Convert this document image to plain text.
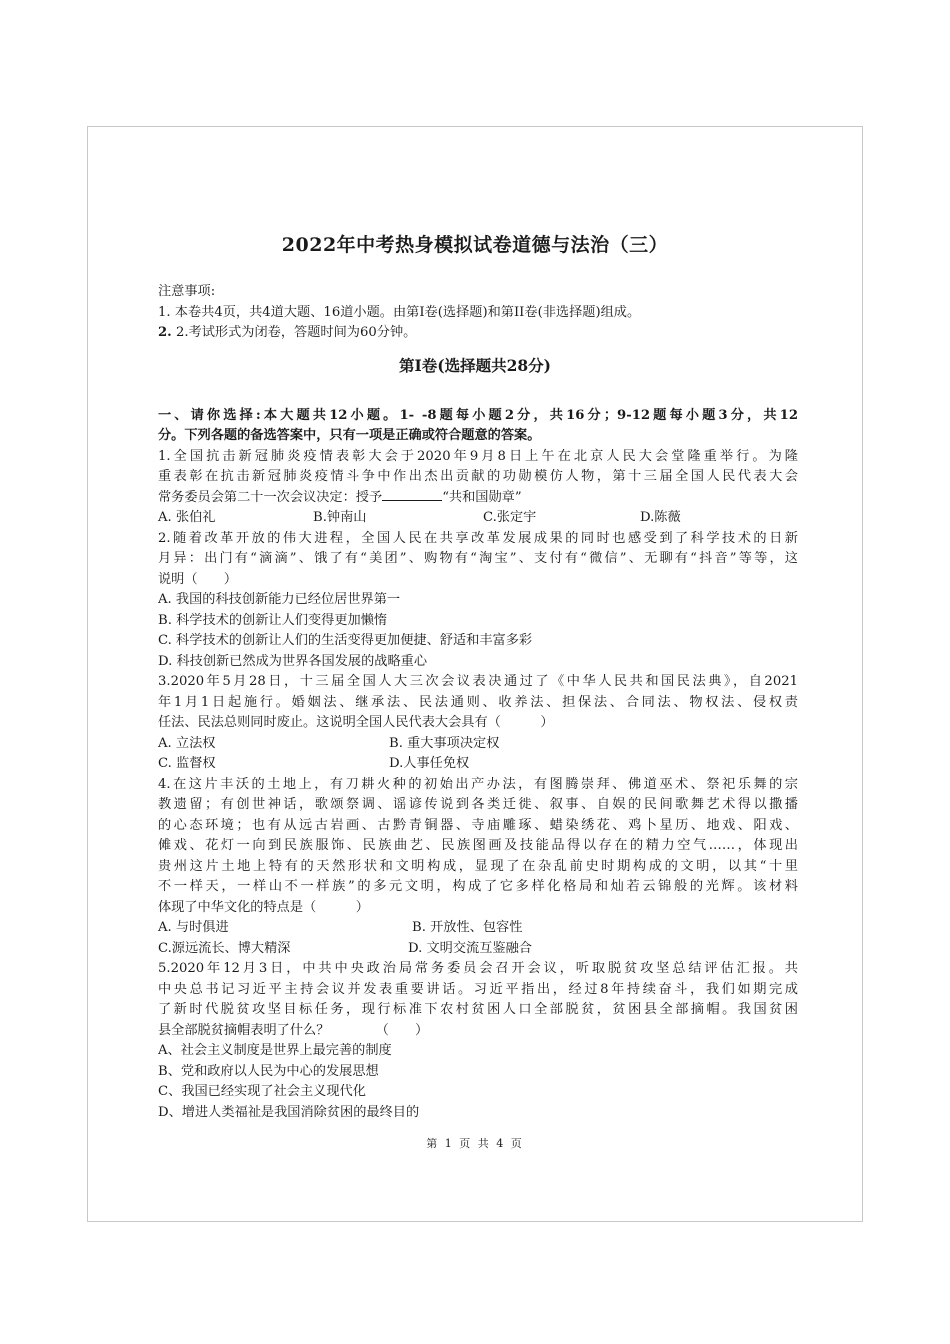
2022年中考热身模拟试卷道德与法治（三）
注意事项:
1. 本卷共4页，共4道大题、16道小题。由第I卷(选择题)和第II卷(非选择题)组成。
2. 2.考试形式为闭卷，答题时间为60分钟。
第I卷(选择题共28分)
一、请你选择:本大题共12小题。1- -8题每小题2分，共16分；9-12题每小题3分，共12
分。下列各题的备选答案中，只有一项是正确或符合题意的答案。
1.全国抗击新冠肺炎疫情表彰大会于2020年9月8日上午在北京人民大会堂隆重举行。为隆
重表彰在抗击新冠肺炎疫情斗争中作出杰出贡献的功勋模仿人物，第十三届全国人民代表大会
常务委员会第二十一次会议决定：授予	“共和国勋章”
A. 张伯礼	B.钟南山	C.张定宇	D.陈薇
2.随着改革开放的伟大进程，全国人民在共享改革发展成果的同时也感受到了科学技术的日新
月异：出门有“滴滴”、饿了有“美团”、购物有“淘宝”、支付有“微信”、无聊有“抖音”等等，这
说明（　　）
A. 我国的科技创新能力已经位居世界第一
B. 科学技术的创新让人们变得更加懒惰
C. 科学技术的创新让人们的生活变得更加便捷、舒适和丰富多彩
D. 科技创新已然成为世界各国发展的战略重心
3.2020年5月28日，十三届全国人大三次会议表决通过了《中华人民共和国民法典》，自2021
年1月1日起施行。婚姻法、继承法、民法通则、收养法、担保法、合同法、物权法、侵权责
任法、民法总则同时废止。这说明全国人民代表大会具有（　　　）
A. 立法权	B. 重大事项决定权
C. 监督权	D.人事任免权
4.在这片丰沃的土地上，有刀耕火种的初始出产办法，有图腾崇拜、佛道巫术、祭祀乐舞的宗
教遗留；有创世神话，歌颂祭调、谣谚传说到各类迁徙、叙事、自娱的民间歌舞艺术得以撒播
的心态环境；也有从远古岩画、古黔青铜器、寺庙雕琢、蜡染绣花、鸡卜星历、地戏、阳戏、
傩戏、花灯一向到民族服饰、民族曲艺、民族图画及技能品得以存在的精力空气……，体现出
贵州这片土地上特有的天然形状和文明构成，显现了在杂乱前史时期构成的文明，以其“十里
不一样天，一样山不一样族”的多元文明，构成了它多样化格局和灿若云锦般的光辉。该材料
体现了中华文化的特点是（　　　）
A. 与时俱进	B. 开放性、包容性
C.源远流长、博大精深	D. 文明交流互鉴融合
5.2020年12月3日，中共中央政治局常务委员会召开会议，听取脱贫攻坚总结评估汇报。共
中央总书记习近平主持会议并发表重要讲话。习近平指出，经过8年持续奋斗，我们如期完成
了新时代脱贫攻坚目标任务，现行标准下农村贫困人口全部脱贫，贫困县全部摘帽。我国贫困
县全部脱贫摘帽表明了什么？　　　　（　　）
A、社会主义制度是世界上最完善的制度
B、党和政府以人民为中心的发展思想
C、我国已经实现了社会主义现代化
D、增进人类福祉是我国消除贫困的最终目的
第 1 页 共 4 页
